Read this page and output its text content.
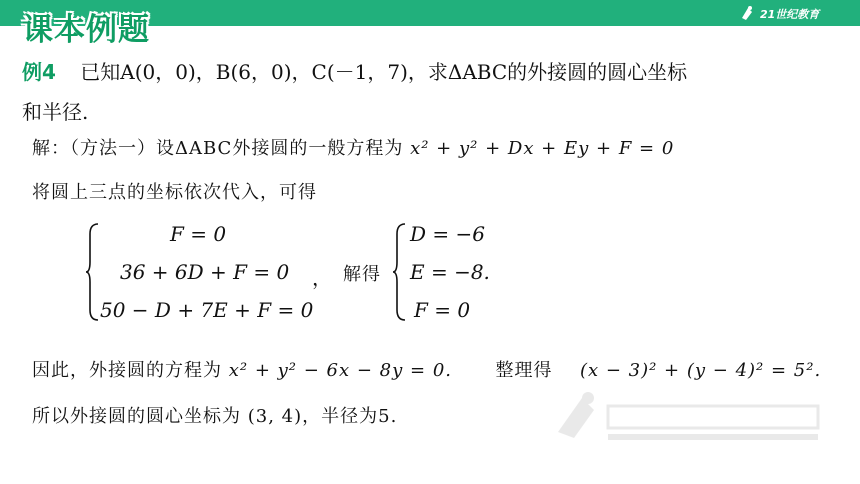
课本例题	21世纪教育
例4 已知A(0，0)，B(6，0)，C(－1，7)，求ΔABC的外接圆的圆心坐标
和半径.
解：（方法一）设ΔABC外接圆的一般方程为 x² + y² + Dx + Ey + F = 0
将圆上三点的坐标依次代入，可得
F = 0
36 + 6D + F = 0
50 − D + 7E + F = 0
， 解得
D = −6
E = −8.
F = 0
因此，外接圆的方程为 x² + y² − 6x − 8y = 0. 整理得 (x − 3)² + (y − 4)² = 5².
所以外接圆的圆心坐标为 (3, 4)，半径为5.
